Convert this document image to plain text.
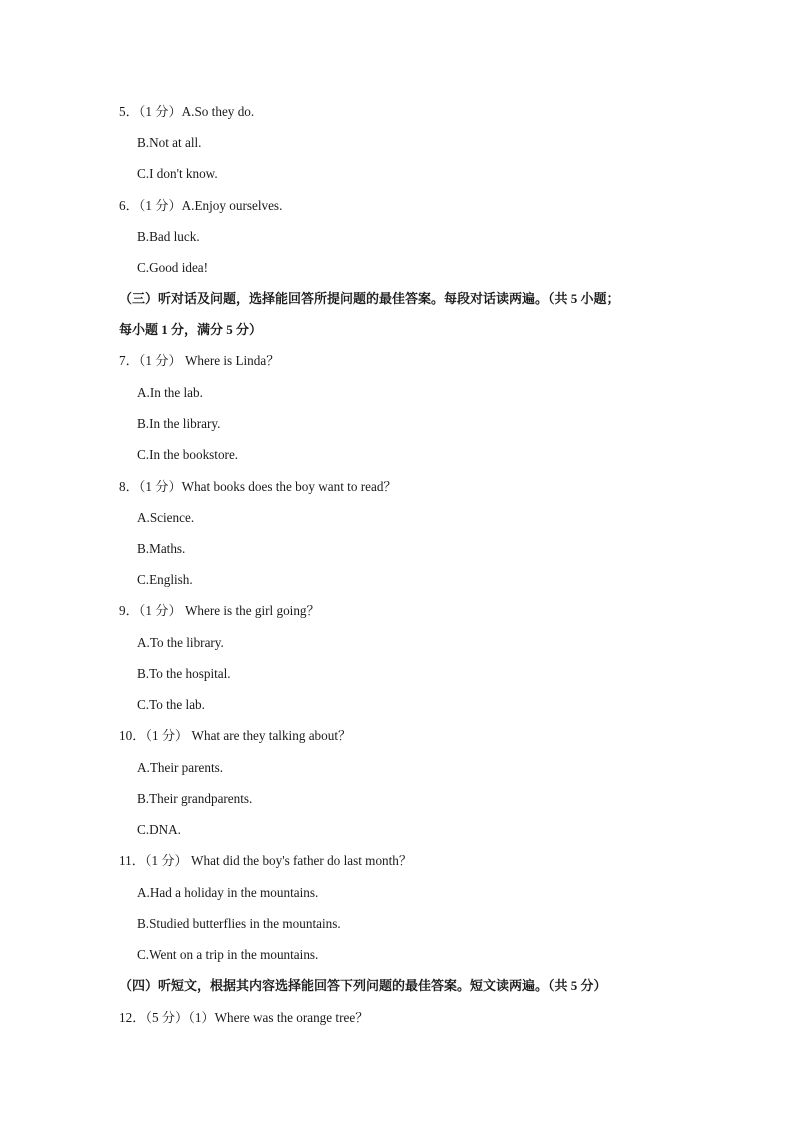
5．（1 分）A.So they do.
B.Not at all.
C.I don't know.
6．（1 分）A.Enjoy ourselves.
B.Bad luck.
C.Good idea!
（三）听对话及问题，选择能回答所提问题的最佳答案。每段对话读两遍。（共 5 小题；
每小题 1 分，满分 5 分）
7．（1 分） Where is Linda？
A.In the lab.
B.In the library.
C.In the bookstore.
8．（1 分）What books does the boy want to read？
A.Science.
B.Maths.
C.English.
9．（1 分） Where is the girl going？
A.To the library.
B.To the hospital.
C.To the lab.
10．（1 分） What are they talking about？
A.Their parents.
B.Their grandparents.
C.DNA.
11．（1 分） What did the boy's father do last month？
A.Had a holiday in the mountains.
B.Studied butterflies in the mountains.
C.Went on a trip in the mountains.
（四）听短文，根据其内容选择能回答下列问题的最佳答案。短文读两遍。（共 5 分）
12．（5 分）（1）Where was the orange tree？
